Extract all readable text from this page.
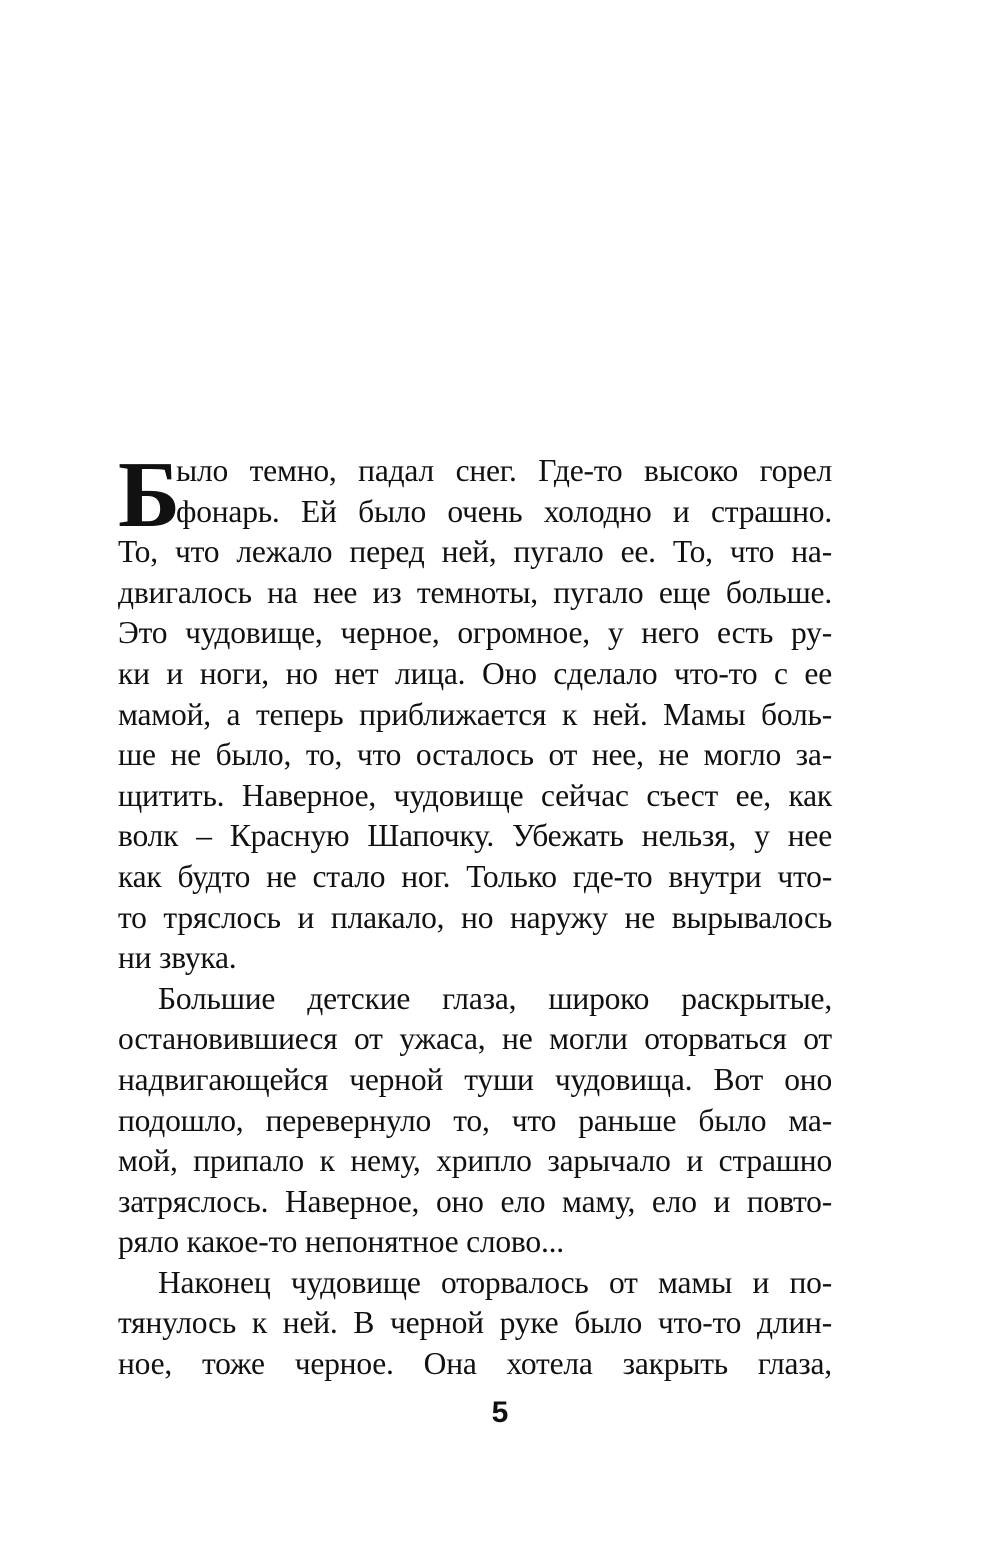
Б
ыло темно, падал снег. Где-то высоко горел
фонарь. Ей было очень холодно и страшно.
То, что лежало перед ней, пугало ее. То, что на-
двигалось на нее из темноты, пугало еще больше.
Это чудовище, черное, огромное, у него есть ру-
ки и ноги, но нет лица. Оно сделало что-то с ее
мамой, а теперь приближается к ней. Мамы боль-
ше не было, то, что осталось от нее, не могло за-
щитить. Наверное, чудовище сейчас съест ее, как
волк – Красную Шапочку. Убежать нельзя, у нее
как будто не стало ног. Только где-то внутри что-
то тряслось и плакало, но наружу не вырывалось
ни звука.
Большие детские глаза, широко раскрытые,
остановившиеся от ужаса, не могли оторваться от
надвигающейся черной туши чудовища. Вот оно
подошло, перевернуло то, что раньше было ма-
мой, припало к нему, хрипло зарычало и страшно
затряслось. Наверное, оно ело маму, ело и повто-
ряло какое-то непонятное слово...
Наконец чудовище оторвалось от мамы и по-
тянулось к ней. В черной руке было что-то длин-
ное, тоже черное. Она хотела закрыть глаза,
5
